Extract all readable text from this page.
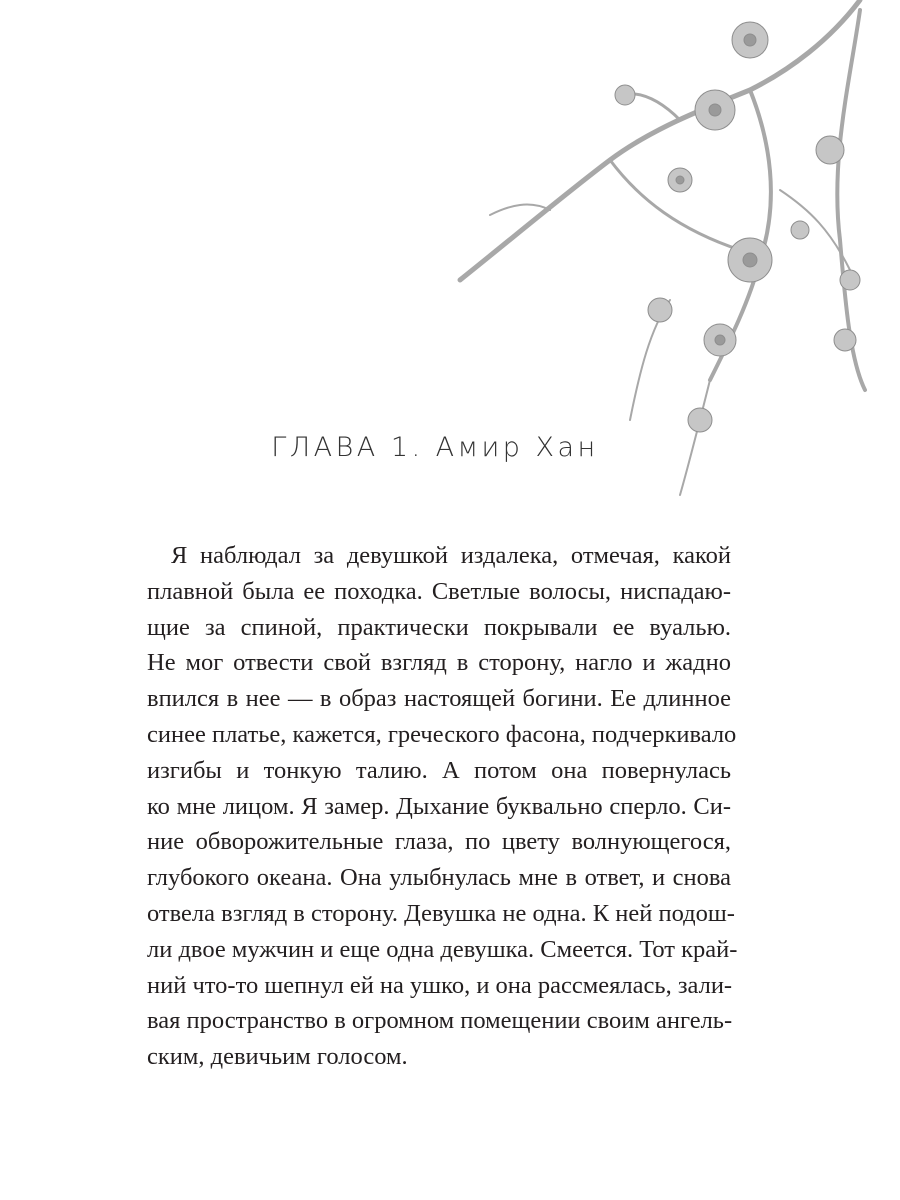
ГЛАВА 1. Амир Хан
Я наблюдал за девушкой издалека, отмечая, какой
плавной была ее походка. Светлые волосы, ниспадаю-
щие за спиной, практически покрывали ее вуалью.
Не мог отвести свой взгляд в сторону, нагло и жадно
впился в нее — в образ настоящей богини. Ее длинное
синее платье, кажется, греческого фасона, подчеркивало
изгибы и тонкую талию. А потом она повернулась
ко мне лицом. Я замер. Дыхание буквально сперло. Си-
ние обворожительные глаза, по цвету волнующегося,
глубокого океана. Она улыбнулась мне в ответ, и снова
отвела взгляд в сторону. Девушка не одна. К ней подош-
ли двое мужчин и еще одна девушка. Смеется. Тот край-
ний что-то шепнул ей на ушко, и она рассмеялась, зали-
вая пространство в огромном помещении своим ангель-
ским, девичьим голосом.
